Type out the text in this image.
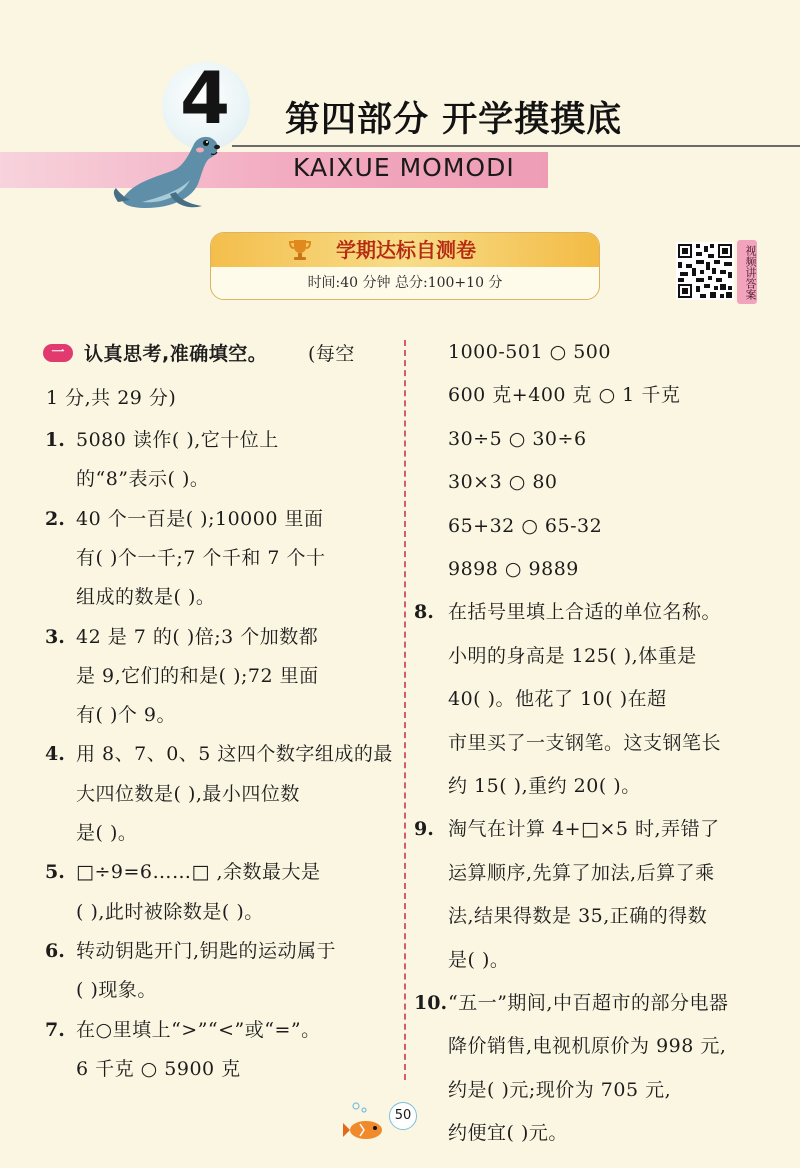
4 第四部分 开学摸摸底
KAIXUE MOMODI
学期达标自测卷
时间:40 分钟 总分:100+10 分	视频讲答案
一	认真思考,准确填空。 (每空
1 分,共 29 分)
1. 5080 读作( ),它十位上
的“8”表示( )。
2. 40 个一百是( );10000 里面
有( )个一千;7 个千和 7 个十
组成的数是( )。
3. 42 是 7 的( )倍;3 个加数都
是 9,它们的和是( );72 里面
有( )个 9。
4. 用 8、7、0、5 这四个数字组成的最
大四位数是( ),最小四位数
是( )。
5. □÷9=6……□ ,余数最大是
( ),此时被除数是( )。
6. 转动钥匙开门,钥匙的运动属于
( )现象。
7. 在○里填上“>”“<”或“=”。
6 千克 ○ 5900 克
1000-501 ○ 500
600 克+400 克 ○ 1 千克
30÷5 ○ 30÷6
30×3 ○ 80
65+32 ○ 65-32
9898 ○ 9889
8. 在括号里填上合适的单位名称。
小明的身高是 125( ),体重是
40( )。他花了 10( )在超
市里买了一支钢笔。这支钢笔长
约 15( ),重约 20( )。
9. 淘气在计算 4+□×5 时,弄错了
运算顺序,先算了加法,后算了乘
法,结果得数是 35,正确的得数
是( )。
10. “五一”期间,中百超市的部分电器
降价销售,电视机原价为 998 元,
约是( )元;现价为 705 元,
约便宜( )元。
50
